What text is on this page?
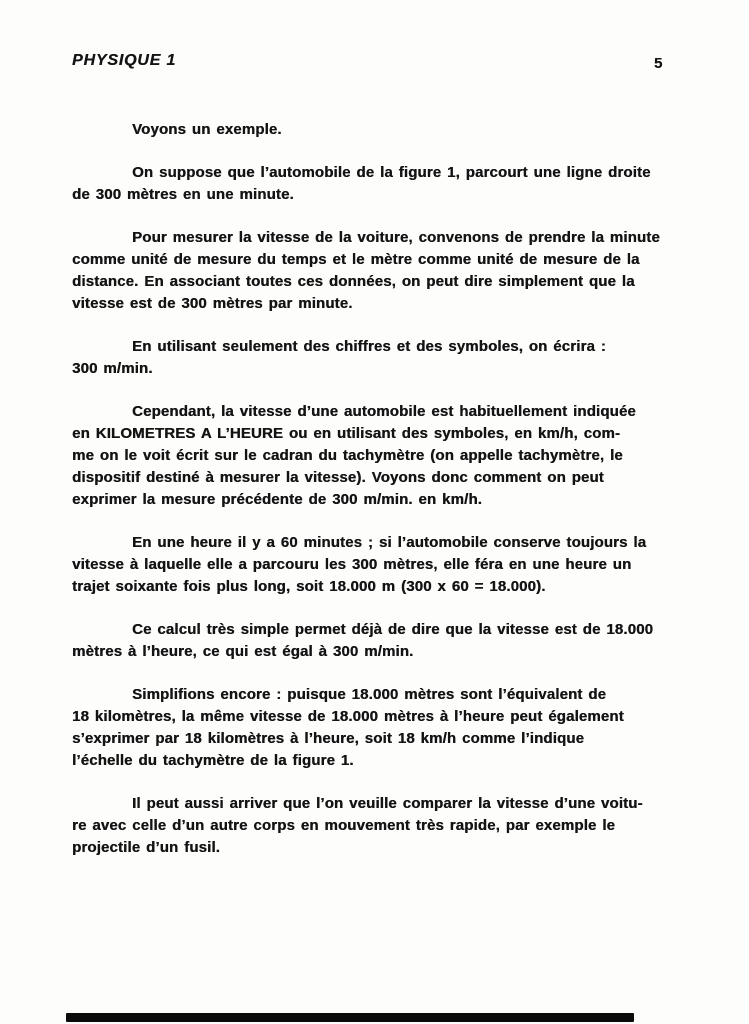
PHYSIQUE 1	5
Voyons un exemple.
On suppose que l’automobile de la figure 1, parcourt une ligne droite
de 300 mètres en une minute.
Pour mesurer la vitesse de la voiture, convenons de prendre la minute
comme unité de mesure du temps et le mètre comme unité de mesure de la
distance. En associant toutes ces données, on peut dire simplement que la
vitesse est de 300 mètres par minute.
En utilisant seulement des chiffres et des symboles, on écrira :
300 m/min.
Cependant, la vitesse d’une automobile est habituellement indiquée
en KILOMETRES A L’HEURE ou en utilisant des symboles, en km/h, com-
me on le voit écrit sur le cadran du tachymètre (on appelle tachymètre, le
dispositif destiné à mesurer la vitesse). Voyons donc comment on peut
exprimer la mesure précédente de 300 m/min. en km/h.
En une heure il y a 60 minutes ; si l’automobile conserve toujours la
vitesse à laquelle elle a parcouru les 300 mètres, elle féra en une heure un
trajet soixante fois plus long, soit 18.000 m (300 x 60 = 18.000).
Ce calcul très simple permet déjà de dire que la vitesse est de 18.000
mètres à l’heure, ce qui est égal à 300 m/min.
Simplifions encore : puisque 18.000 mètres sont l’équivalent de
18 kilomètres, la même vitesse de 18.000 mètres à l’heure peut également
s’exprimer par 18 kilomètres à l’heure, soit 18 km/h comme l’indique
l’échelle du tachymètre de la figure 1.
Il peut aussi arriver que l’on veuille comparer la vitesse d’une voitu-
re avec celle d’un autre corps en mouvement très rapide, par exemple le
projectile d’un fusil.
